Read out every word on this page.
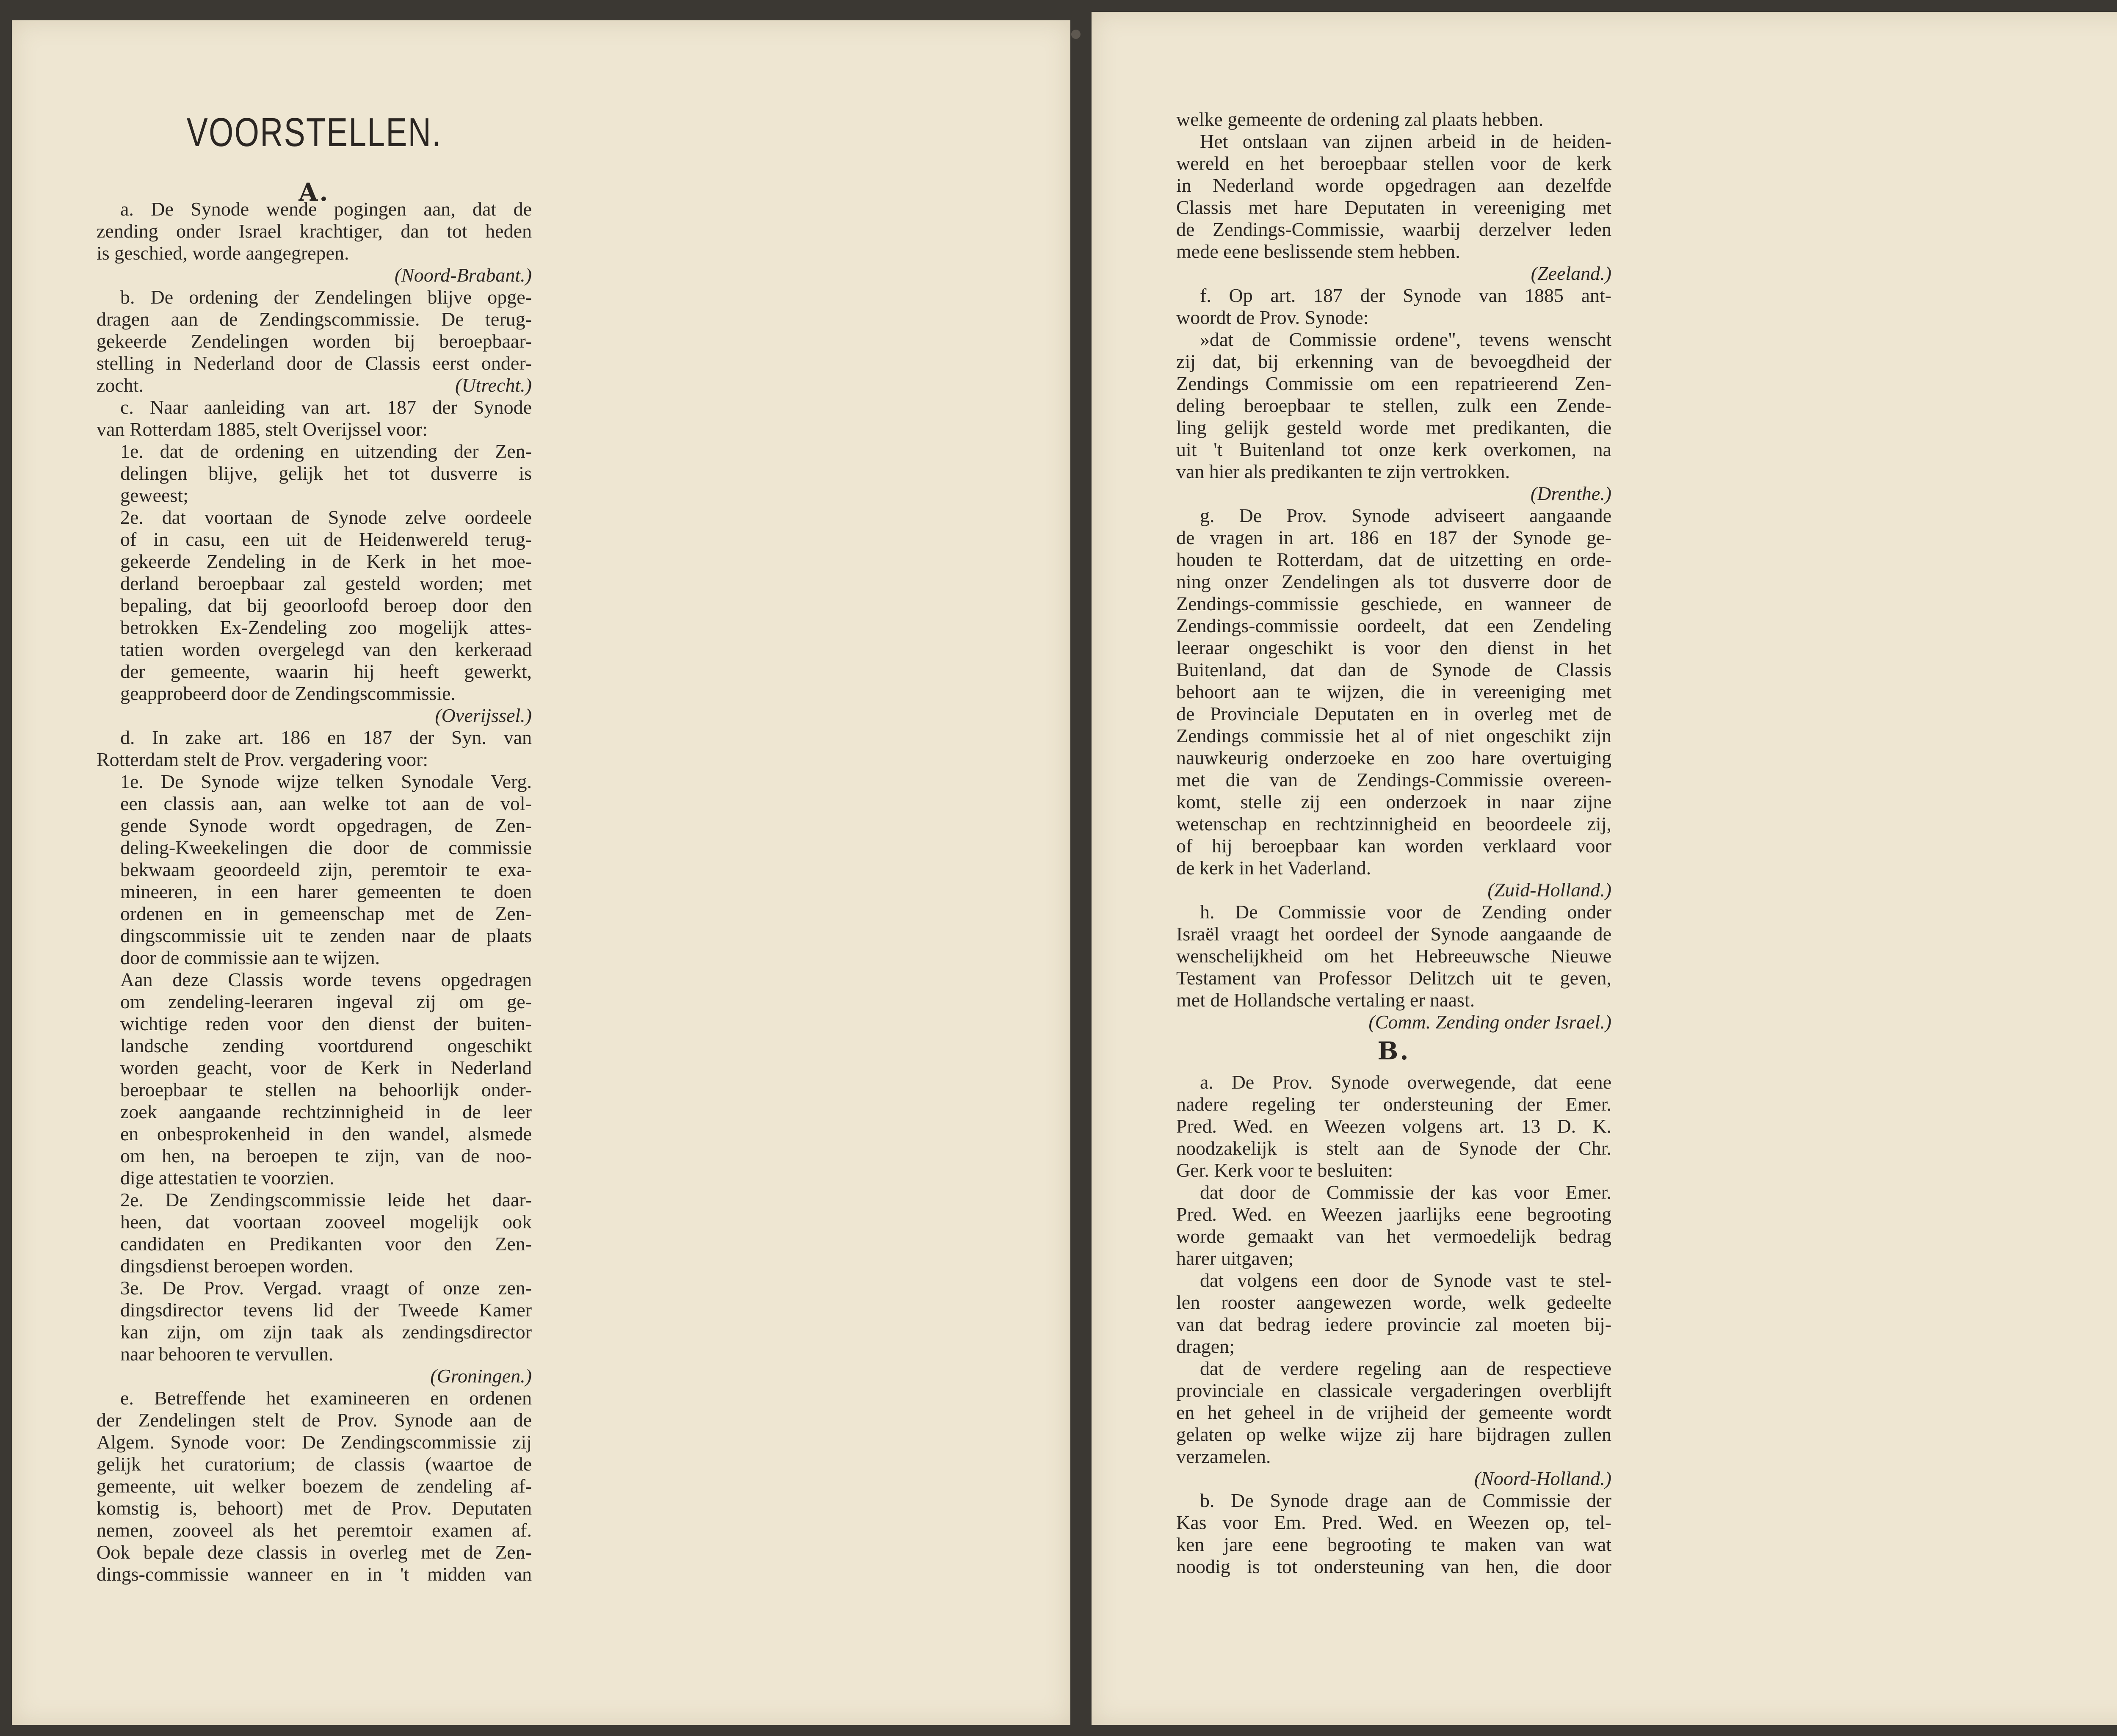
VOORSTELLEN.
A.
a. De Synode wende pogingen aan, dat de
zending onder Israel krachtiger, dan tot heden
is geschied, worde aangegrepen.
(Noord-Brabant.)
b. De ordening der Zendelingen blijve opge-
dragen aan de Zendingscommissie. De terug-
gekeerde Zendelingen worden bij beroepbaar-
stelling in Nederland door de Classis eerst onder-
zocht.	(Utrecht.)
c. Naar aanleiding van art. 187 der Synode
van Rotterdam 1885, stelt Overijssel voor:
1e. dat de ordening en uitzending der Zen-
delingen blijve, gelijk het tot dusverre is
geweest;
2e. dat voortaan de Synode zelve oordeele
of in casu, een uit de Heidenwereld terug-
gekeerde Zendeling in de Kerk in het moe-
derland beroepbaar zal gesteld worden; met
bepaling, dat bij geoorloofd beroep door den
betrokken Ex-Zendeling zoo mogelijk attes-
tatien worden overgelegd van den kerkeraad
der gemeente, waarin hij heeft gewerkt,
geapprobeerd door de Zendingscommissie.
(Overijssel.)
d. In zake art. 186 en 187 der Syn. van
Rotterdam stelt de Prov. vergadering voor:
1e. De Synode wijze telken Synodale Verg.
een classis aan, aan welke tot aan de vol-
gende Synode wordt opgedragen, de Zen-
deling-Kweekelingen die door de commissie
bekwaam geoordeeld zijn, peremtoir te exa-
mineeren, in een harer gemeenten te doen
ordenen en in gemeenschap met de Zen-
dingscommissie uit te zenden naar de plaats
door de commissie aan te wijzen.
Aan deze Classis worde tevens opgedragen
om zendeling-leeraren ingeval zij om ge-
wichtige reden voor den dienst der buiten-
landsche zending voortdurend ongeschikt
worden geacht, voor de Kerk in Nederland
beroepbaar te stellen na behoorlijk onder-
zoek aangaande rechtzinnigheid in de leer
en onbesprokenheid in den wandel, alsmede
om hen, na beroepen te zijn, van de noo-
dige attestatien te voorzien.
2e. De Zendingscommissie leide het daar-
heen, dat voortaan zooveel mogelijk ook
candidaten en Predikanten voor den Zen-
dingsdienst beroepen worden.
3e. De Prov. Vergad. vraagt of onze zen-
dingsdirector tevens lid der Tweede Kamer
kan zijn, om zijn taak als zendingsdirector
naar behooren te vervullen.
(Groningen.)
e. Betreffende het examineeren en ordenen
der Zendelingen stelt de Prov. Synode aan de
Algem. Synode voor: De Zendingscommissie zij
gelijk het curatorium; de classis (waartoe de
gemeente, uit welker boezem de zendeling af-
komstig is, behoort) met de Prov. Deputaten
nemen, zooveel als het peremtoir examen af.
Ook bepale deze classis in overleg met de Zen-
dings-commissie wanneer en in 't midden van
welke gemeente de ordening zal plaats hebben.
Het ontslaan van zijnen arbeid in de heiden-
wereld en het beroepbaar stellen voor de kerk
in Nederland worde opgedragen aan dezelfde
Classis met hare Deputaten in vereeniging met
de Zendings-Commissie, waarbij derzelver leden
mede eene beslissende stem hebben.
(Zeeland.)
f. Op art. 187 der Synode van 1885 ant-
woordt de Prov. Synode:
»dat de Commissie ordene", tevens wenscht
zij dat, bij erkenning van de bevoegdheid der
Zendings Commissie om een repatrieerend Zen-
deling beroepbaar te stellen, zulk een Zende-
ling gelijk gesteld worde met predikanten, die
uit 't Buitenland tot onze kerk overkomen, na
van hier als predikanten te zijn vertrokken.
(Drenthe.)
g. De Prov. Synode adviseert aangaande
de vragen in art. 186 en 187 der Synode ge-
houden te Rotterdam, dat de uitzetting en orde-
ning onzer Zendelingen als tot dusverre door de
Zendings-commissie geschiede, en wanneer de
Zendings-commissie oordeelt, dat een Zendeling
leeraar ongeschikt is voor den dienst in het
Buitenland, dat dan de Synode de Classis
behoort aan te wijzen, die in vereeniging met
de Provinciale Deputaten en in overleg met de
Zendings commissie het al of niet ongeschikt zijn
nauwkeurig onderzoeke en zoo hare overtuiging
met die van de Zendings-Commissie overeen-
komt, stelle zij een onderzoek in naar zijne
wetenschap en rechtzinnigheid en beoordeele zij,
of hij beroepbaar kan worden verklaard voor
de kerk in het Vaderland.
(Zuid-Holland.)
h. De Commissie voor de Zending onder
Israël vraagt het oordeel der Synode aangaande de
wenschelijkheid om het Hebreeuwsche Nieuwe
Testament van Professor Delitzch uit te geven,
met de Hollandsche vertaling er naast.
(Comm. Zending onder Israel.)
B.
a. De Prov. Synode overwegende, dat eene
nadere regeling ter ondersteuning der Emer.
Pred. Wed. en Weezen volgens art. 13 D. K.
noodzakelijk is stelt aan de Synode der Chr.
Ger. Kerk voor te besluiten:
dat door de Commissie der kas voor Emer.
Pred. Wed. en Weezen jaarlijks eene begrooting
worde gemaakt van het vermoedelijk bedrag
harer uitgaven;
dat volgens een door de Synode vast te stel-
len rooster aangewezen worde, welk gedeelte
van dat bedrag iedere provincie zal moeten bij-
dragen;
dat de verdere regeling aan de respectieve
provinciale en classicale vergaderingen overblijft
en het geheel in de vrijheid der gemeente wordt
gelaten op welke wijze zij hare bijdragen zullen
verzamelen.
(Noord-Holland.)
b. De Synode drage aan de Commissie der
Kas voor Em. Pred. Wed. en Weezen op, tel-
ken jare eene begrooting te maken van wat
noodig is tot ondersteuning van hen, die door
